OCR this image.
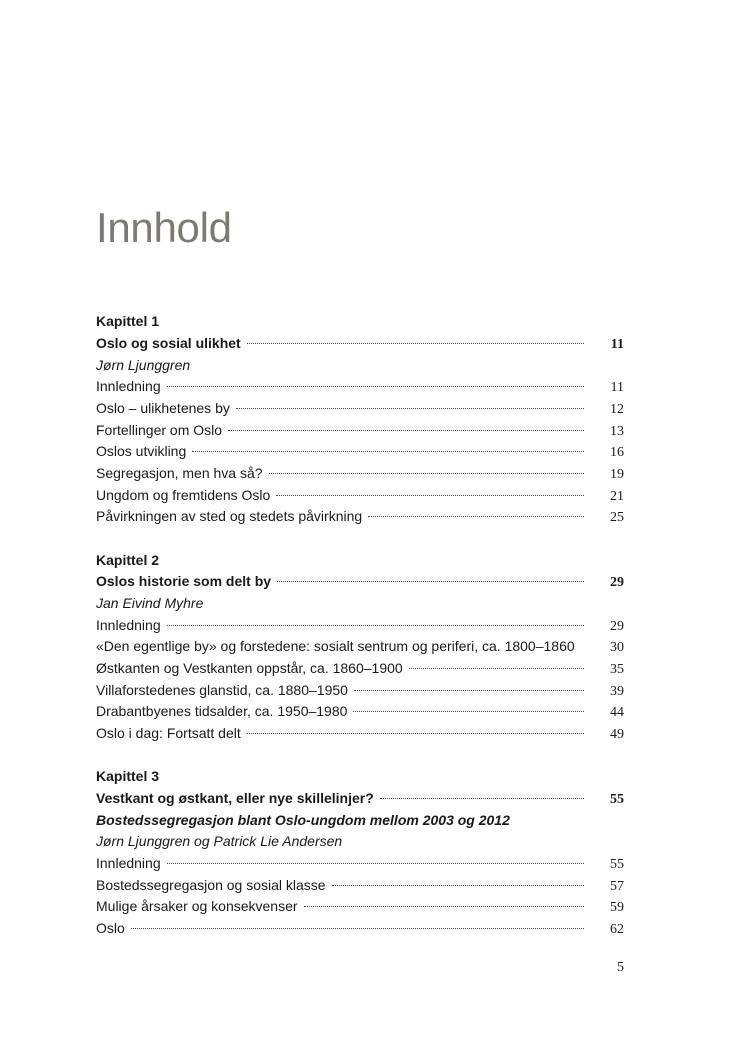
Innhold
Kapittel 1
Oslo og sosial ulikhet	11
Jørn Ljunggren
Innledning	11
Oslo – ulikhetenes by	12
Fortellinger om Oslo	13
Oslos utvikling	16
Segregasjon, men hva så?	19
Ungdom og fremtidens Oslo	21
Påvirkningen av sted og stedets påvirkning	25
Kapittel 2
Oslos historie som delt by	29
Jan Eivind Myhre
Innledning	29
«Den egentlige by» og forstedene: sosialt sentrum og periferi, ca. 1800–1860	30
Østkanten og Vestkanten oppstår, ca. 1860–1900	35
Villaforstedenes glanstid, ca. 1880–1950	39
Drabantbyenes tidsalder, ca. 1950–1980	44
Oslo i dag: Fortsatt delt	49
Kapittel 3
Vestkant og østkant, eller nye skillelinjer?	55
Bostedssegregasjon blant Oslo-ungdom mellom 2003 og 2012
Jørn Ljunggren og Patrick Lie Andersen
Innledning	55
Bostedssegregasjon og sosial klasse	57
Mulige årsaker og konsekvenser	59
Oslo	62
5
